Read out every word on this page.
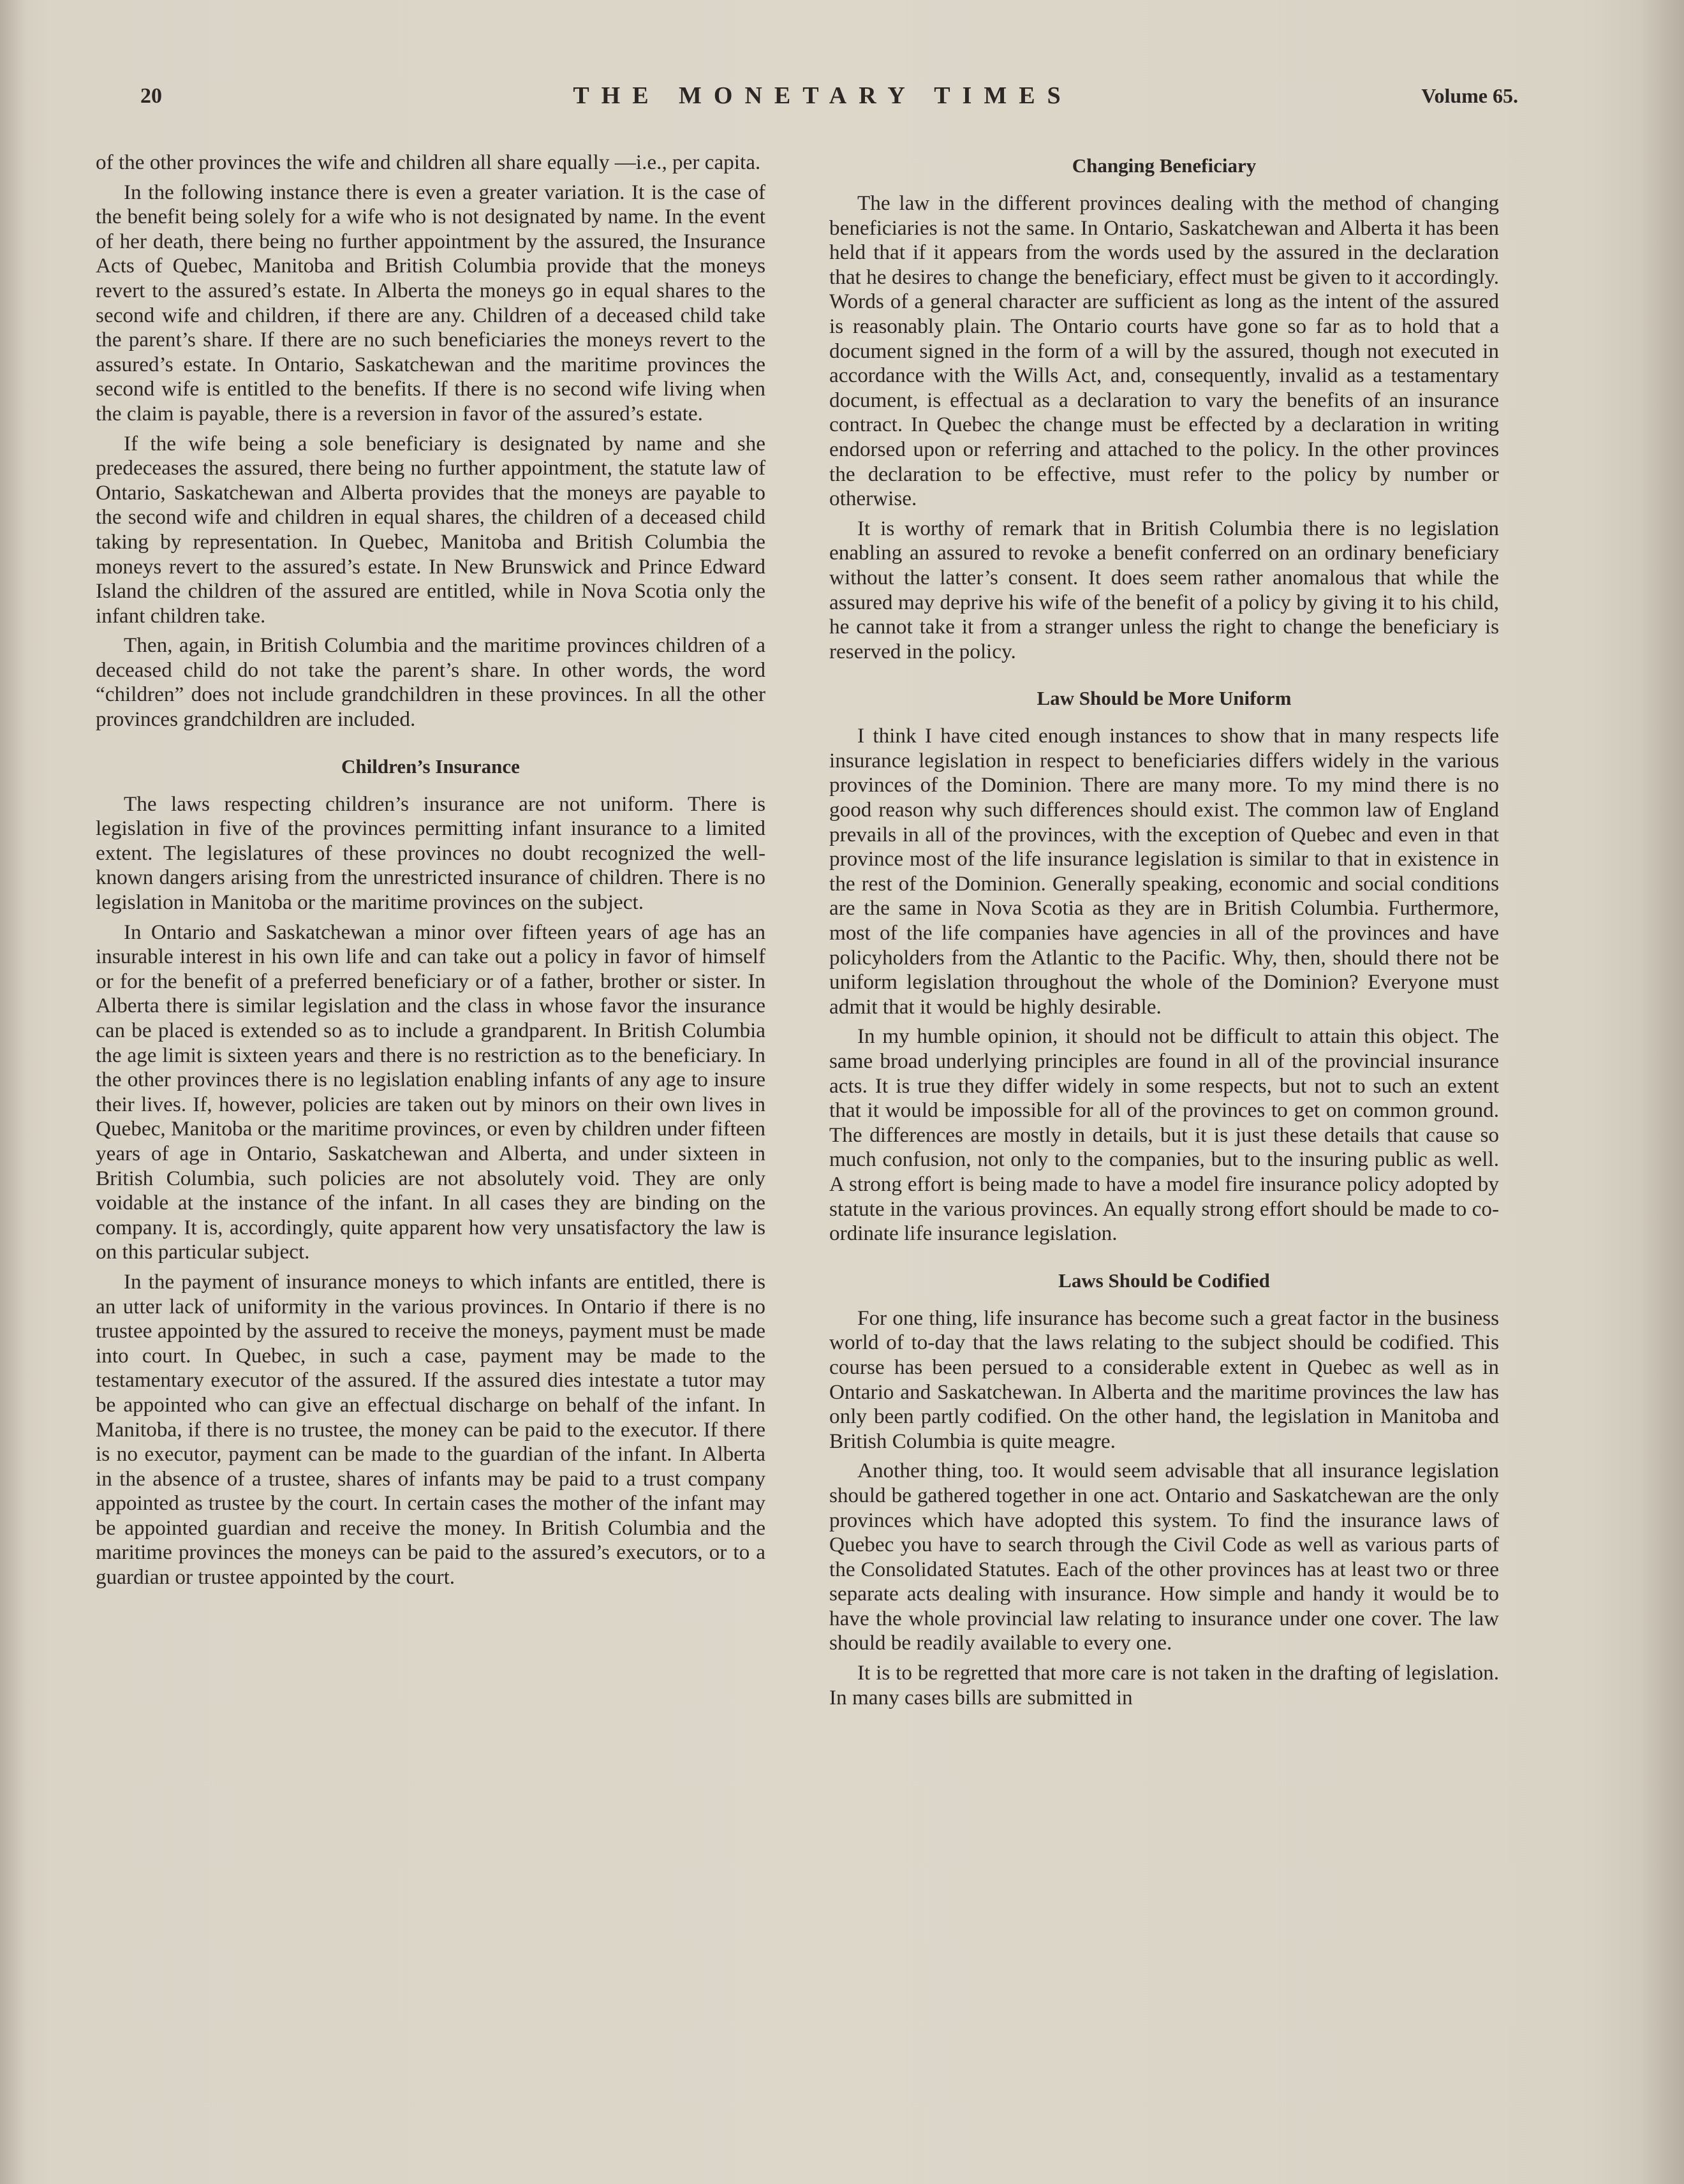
20	THE MONETARY TIMES	Volume 65.

of the other provinces the wife and children all share equally —i.e., per capita.

In the following instance there is even a greater variation. It is the case of the benefit being solely for a wife who is not designated by name. In the event of her death, there being no further appointment by the assured, the Insurance Acts of Quebec, Manitoba and British Columbia provide that the moneys revert to the assured’s estate. In Alberta the moneys go in equal shares to the second wife and children, if there are any. Children of a deceased child take the parent’s share. If there are no such beneficiaries the moneys revert to the assured’s estate. In Ontario, Saskatchewan and the maritime provinces the second wife is entitled to the benefits. If there is no second wife living when the claim is payable, there is a reversion in favor of the assured’s estate.

If the wife being a sole beneficiary is designated by name and she predeceases the assured, there being no further appointment, the statute law of Ontario, Saskatchewan and Alberta provides that the moneys are payable to the second wife and children in equal shares, the children of a deceased child taking by representation. In Quebec, Manitoba and British Columbia the moneys revert to the assured’s estate. In New Brunswick and Prince Edward Island the children of the assured are entitled, while in Nova Scotia only the infant children take.

Then, again, in British Columbia and the maritime provinces children of a deceased child do not take the parent’s share. In other words, the word “children” does not include grandchildren in these provinces. In all the other provinces grandchildren are included.

Children’s Insurance

The laws respecting children’s insurance are not uniform. There is legislation in five of the provinces permitting infant insurance to a limited extent. The legislatures of these provinces no doubt recognized the well-known dangers arising from the unrestricted insurance of children. There is no legislation in Manitoba or the maritime provinces on the subject.

In Ontario and Saskatchewan a minor over fifteen years of age has an insurable interest in his own life and can take out a policy in favor of himself or for the benefit of a preferred beneficiary or of a father, brother or sister. In Alberta there is similar legislation and the class in whose favor the insurance can be placed is extended so as to include a grandparent. In British Columbia the age limit is sixteen years and there is no restriction as to the beneficiary. In the other provinces there is no legislation enabling infants of any age to insure their lives. If, however, policies are taken out by minors on their own lives in Quebec, Manitoba or the maritime provinces, or even by children under fifteen years of age in Ontario, Saskatchewan and Alberta, and under sixteen in British Columbia, such policies are not absolutely void. They are only voidable at the instance of the infant. In all cases they are binding on the company. It is, accordingly, quite apparent how very unsatisfactory the law is on this particular subject.

In the payment of insurance moneys to which infants are entitled, there is an utter lack of uniformity in the various provinces. In Ontario if there is no trustee appointed by the assured to receive the moneys, payment must be made into court. In Quebec, in such a case, payment may be made to the testamentary executor of the assured. If the assured dies intestate a tutor may be appointed who can give an effectual discharge on behalf of the infant. In Manitoba, if there is no trustee, the money can be paid to the executor. If there is no executor, payment can be made to the guardian of the infant. In Alberta in the absence of a trustee, shares of infants may be paid to a trust company appointed as trustee by the court. In certain cases the mother of the infant may be appointed guardian and receive the money. In British Columbia and the maritime provinces the moneys can be paid to the assured’s executors, or to a guardian or trustee appointed by the court.

Changing Beneficiary

The law in the different provinces dealing with the method of changing beneficiaries is not the same. In Ontario, Saskatchewan and Alberta it has been held that if it appears from the words used by the assured in the declaration that he desires to change the beneficiary, effect must be given to it accordingly. Words of a general character are sufficient as long as the intent of the assured is reasonably plain. The Ontario courts have gone so far as to hold that a document signed in the form of a will by the assured, though not executed in accordance with the Wills Act, and, consequently, invalid as a testamentary document, is effectual as a declaration to vary the benefits of an insurance contract. In Quebec the change must be effected by a declaration in writing endorsed upon or referring and attached to the policy. In the other provinces the declaration to be effective, must refer to the policy by number or otherwise.

It is worthy of remark that in British Columbia there is no legislation enabling an assured to revoke a benefit conferred on an ordinary beneficiary without the latter’s consent. It does seem rather anomalous that while the assured may deprive his wife of the benefit of a policy by giving it to his child, he cannot take it from a stranger unless the right to change the beneficiary is reserved in the policy.

Law Should be More Uniform

I think I have cited enough instances to show that in many respects life insurance legislation in respect to beneficiaries differs widely in the various provinces of the Dominion. There are many more. To my mind there is no good reason why such differences should exist. The common law of England prevails in all of the provinces, with the exception of Quebec and even in that province most of the life insurance legislation is similar to that in existence in the rest of the Dominion. Generally speaking, economic and social conditions are the same in Nova Scotia as they are in British Columbia. Furthermore, most of the life companies have agencies in all of the provinces and have policyholders from the Atlantic to the Pacific. Why, then, should there not be uniform legislation throughout the whole of the Dominion? Everyone must admit that it would be highly desirable.

In my humble opinion, it should not be difficult to attain this object. The same broad underlying principles are found in all of the provincial insurance acts. It is true they differ widely in some respects, but not to such an extent that it would be impossible for all of the provinces to get on common ground. The differences are mostly in details, but it is just these details that cause so much confusion, not only to the companies, but to the insuring public as well. A strong effort is being made to have a model fire insurance policy adopted by statute in the various provinces. An equally strong effort should be made to co-ordinate life insurance legislation.

Laws Should be Codified

For one thing, life insurance has become such a great factor in the business world of to-day that the laws relating to the subject should be codified. This course has been persued to a considerable extent in Quebec as well as in Ontario and Saskatchewan. In Alberta and the maritime provinces the law has only been partly codified. On the other hand, the legislation in Manitoba and British Columbia is quite meagre.

Another thing, too. It would seem advisable that all insurance legislation should be gathered together in one act. Ontario and Saskatchewan are the only provinces which have adopted this system. To find the insurance laws of Quebec you have to search through the Civil Code as well as various parts of the Consolidated Statutes. Each of the other provinces has at least two or three separate acts dealing with insurance. How simple and handy it would be to have the whole provincial law relating to insurance under one cover. The law should be readily available to every one.

It is to be regretted that more care is not taken in the drafting of legislation. In many cases bills are submitted in
